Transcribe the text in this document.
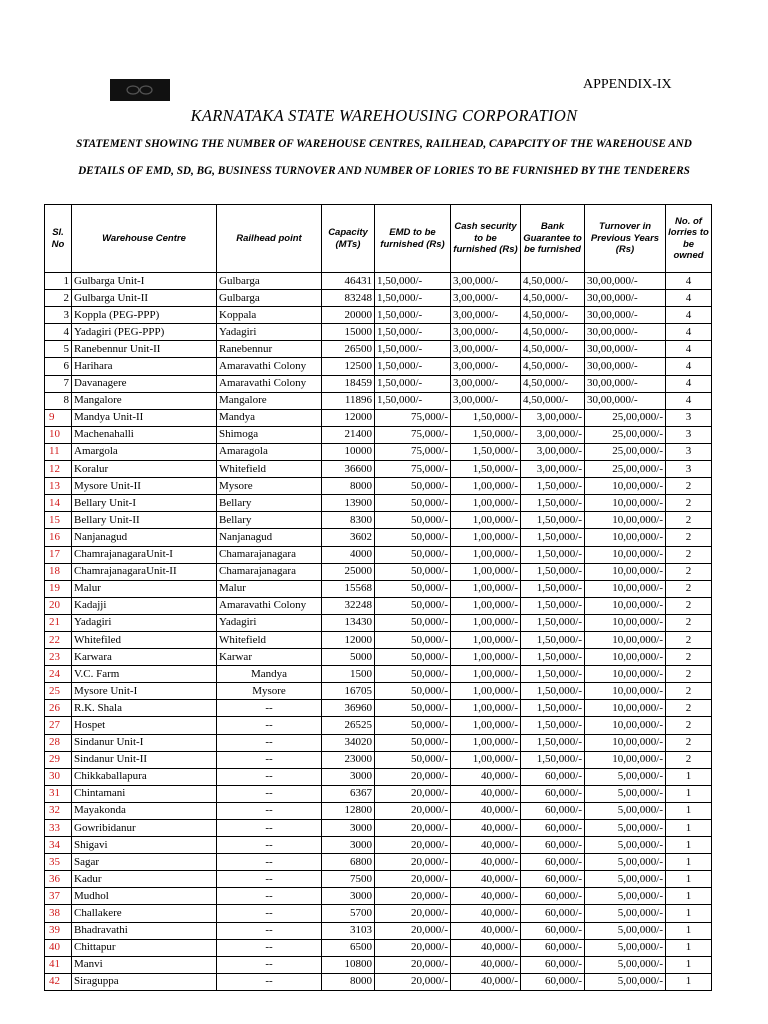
APPENDIX-IX
KARNATAKA STATE WAREHOUSING CORPORATION
STATEMENT SHOWING THE NUMBER OF WAREHOUSE CENTRES, RAILHEAD, CAPAPCITY OF THE WAREHOUSE AND DETAILS OF EMD, SD, BG, BUSINESS TURNOVER AND NUMBER OF LORIES TO BE FURNISHED BY THE TENDERERS
Sl. No	Warehouse Centre	Railhead point	Capacity (MTs)	EMD to be furnished (Rs)	Cash security to be furnished (Rs)	Bank Guarantee to be furnished	Turnover in Previous Years (Rs)	No. of lorries to be owned
1	Gulbarga Unit-I	Gulbarga	46431	1,50,000/-	3,00,000/-	4,50,000/-	30,00,000/-	4
2	Gulbarga Unit-II	Gulbarga	83248	1,50,000/-	3,00,000/-	4,50,000/-	30,00,000/-	4
3	Koppla (PEG-PPP)	Koppala	20000	1,50,000/-	3,00,000/-	4,50,000/-	30,00,000/-	4
4	Yadagiri (PEG-PPP)	Yadagiri	15000	1,50,000/-	3,00,000/-	4,50,000/-	30,00,000/-	4
5	Ranebennur Unit-II	Ranebennur	26500	1,50,000/-	3,00,000/-	4,50,000/-	30,00,000/-	4
6	Harihara	Amaravathi Colony	12500	1,50,000/-	3,00,000/-	4,50,000/-	30,00,000/-	4
7	Davanagere	Amaravathi Colony	18459	1,50,000/-	3,00,000/-	4,50,000/-	30,00,000/-	4
8	Mangalore	Mangalore	11896	1,50,000/-	3,00,000/-	4,50,000/-	30,00,000/-	4
9	Mandya Unit-II	Mandya	12000	75,000/-	1,50,000/-	3,00,000/-	25,00,000/-	3
10	Machenahalli	Shimoga	21400	75,000/-	1,50,000/-	3,00,000/-	25,00,000/-	3
11	Amargola	Amaragola	10000	75,000/-	1,50,000/-	3,00,000/-	25,00,000/-	3
12	Koralur	Whitefield	36600	75,000/-	1,50,000/-	3,00,000/-	25,00,000/-	3
13	Mysore Unit-II	Mysore	8000	50,000/-	1,00,000/-	1,50,000/-	10,00,000/-	2
14	Bellary Unit-I	Bellary	13900	50,000/-	1,00,000/-	1,50,000/-	10,00,000/-	2
15	Bellary Unit-II	Bellary	8300	50,000/-	1,00,000/-	1,50,000/-	10,00,000/-	2
16	Nanjanagud	Nanjanagud	3602	50,000/-	1,00,000/-	1,50,000/-	10,00,000/-	2
17	ChamrajanagaraUnit-I	Chamarajanagara	4000	50,000/-	1,00,000/-	1,50,000/-	10,00,000/-	2
18	ChamrajanagaraUnit-II	Chamarajanagara	25000	50,000/-	1,00,000/-	1,50,000/-	10,00,000/-	2
19	Malur	Malur	15568	50,000/-	1,00,000/-	1,50,000/-	10,00,000/-	2
20	Kadajji	Amaravathi Colony	32248	50,000/-	1,00,000/-	1,50,000/-	10,00,000/-	2
21	Yadagiri	Yadagiri	13430	50,000/-	1,00,000/-	1,50,000/-	10,00,000/-	2
22	Whitefiled	Whitefield	12000	50,000/-	1,00,000/-	1,50,000/-	10,00,000/-	2
23	Karwara	Karwar	5000	50,000/-	1,00,000/-	1,50,000/-	10,00,000/-	2
24	V.C. Farm	Mandya	1500	50,000/-	1,00,000/-	1,50,000/-	10,00,000/-	2
25	Mysore Unit-I	Mysore	16705	50,000/-	1,00,000/-	1,50,000/-	10,00,000/-	2
26	R.K. Shala	--	36960	50,000/-	1,00,000/-	1,50,000/-	10,00,000/-	2
27	Hospet	--	26525	50,000/-	1,00,000/-	1,50,000/-	10,00,000/-	2
28	Sindanur Unit-I	--	34020	50,000/-	1,00,000/-	1,50,000/-	10,00,000/-	2
29	Sindanur Unit-II	--	23000	50,000/-	1,00,000/-	1,50,000/-	10,00,000/-	2
30	Chikkaballapura	--	3000	20,000/-	40,000/-	60,000/-	5,00,000/-	1
31	Chintamani	--	6367	20,000/-	40,000/-	60,000/-	5,00,000/-	1
32	Mayakonda	--	12800	20,000/-	40,000/-	60,000/-	5,00,000/-	1
33	Gowribidanur	--	3000	20,000/-	40,000/-	60,000/-	5,00,000/-	1
34	Shigavi	--	3000	20,000/-	40,000/-	60,000/-	5,00,000/-	1
35	Sagar	--	6800	20,000/-	40,000/-	60,000/-	5,00,000/-	1
36	Kadur	--	7500	20,000/-	40,000/-	60,000/-	5,00,000/-	1
37	Mudhol	--	3000	20,000/-	40,000/-	60,000/-	5,00,000/-	1
38	Challakere	--	5700	20,000/-	40,000/-	60,000/-	5,00,000/-	1
39	Bhadravathi	--	3103	20,000/-	40,000/-	60,000/-	5,00,000/-	1
40	Chittapur	--	6500	20,000/-	40,000/-	60,000/-	5,00,000/-	1
41	Manvi	--	10800	20,000/-	40,000/-	60,000/-	5,00,000/-	1
42	Siraguppa	--	8000	20,000/-	40,000/-	60,000/-	5,00,000/-	1
